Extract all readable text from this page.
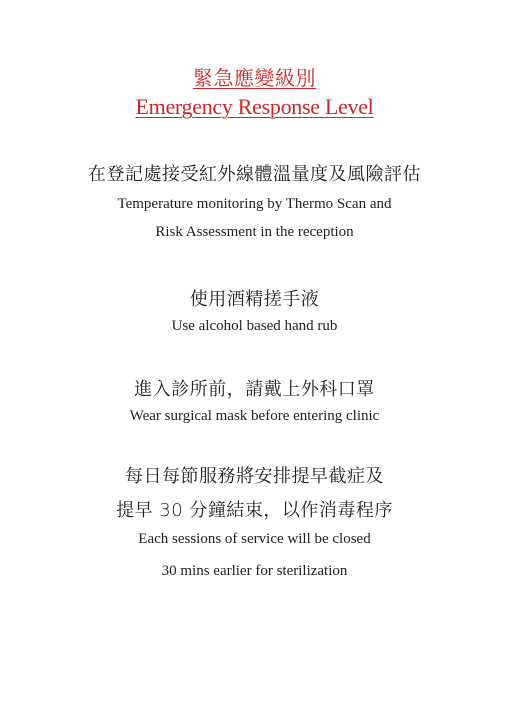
緊急應變級別
Emergency Response Level
在登記處接受紅外線體溫量度及風險評估
Temperature monitoring by Thermo Scan and
Risk Assessment in the reception
使用酒精搓手液
Use alcohol based hand rub
進入診所前，請戴上外科口罩
Wear surgical mask before entering clinic
每日每節服務將安排提早截症及
提早 30 分鐘結束，以作消毒程序
Each sessions of service will be closed
30 mins earlier for sterilization
